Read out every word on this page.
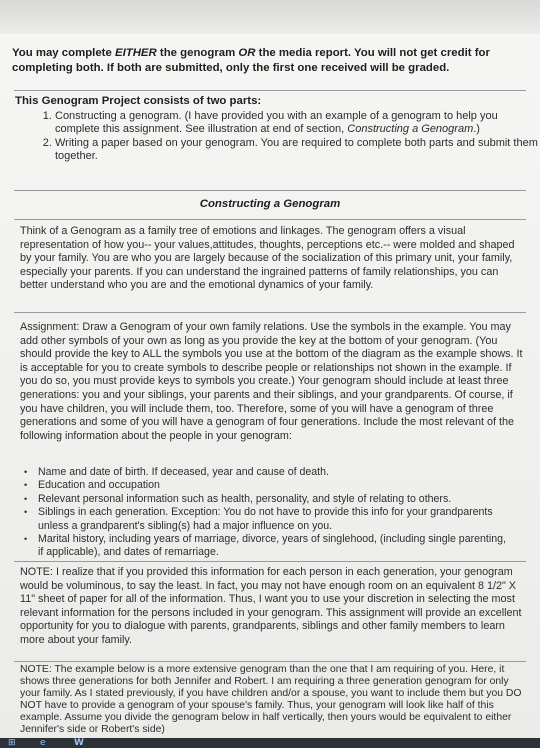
You may complete EITHER the genogram OR the media report. You will not get credit for completing both. If both are submitted, only the first one received will be graded.

This Genogram Project consists of two parts:

1. Constructing a genogram. (I have provided you with an example of a genogram to help you complete this assignment. See illustration at end of section, Constructing a Genogram.)
2. Writing a paper based on your genogram. You are required to complete both parts and submit them together.

Constructing a Genogram

Think of a Genogram as a family tree of emotions and linkages. The genogram offers a visual representation of how you-- your values,attitudes, thoughts, perceptions etc.-- were molded and shaped by your family. You are who you are largely because of the socialization of this primary unit, your family, especially your parents. If you can understand the ingrained patterns of family relationships, you can better understand who you are and the emotional dynamics of your family.

Assignment: Draw a Genogram of your own family relations. Use the symbols in the example. You may add other symbols of your own as long as you provide the key at the bottom of your genogram. (You should provide the key to ALL the symbols you use at the bottom of the diagram as the example shows. It is acceptable for you to create symbols to describe people or relationships not shown in the example. If you do so, you must provide keys to symbols you create.) Your genogram should include at least three generations: you and your siblings, your parents and their siblings, and your grandparents. Of course, if you have children, you will include them, too. Therefore, some of you will have a genogram of three generations and some of you will have a genogram of four generations. Include the most relevant of the following information about the people in your genogram:

• Name and date of birth. If deceased, year and cause of death.
• Education and occupation
• Relevant personal information such as health, personality, and style of relating to others.
• Siblings in each generation. Exception: You do not have to provide this info for your grandparents unless a grandparent's sibling(s) had a major influence on you.
• Marital history, including years of marriage, divorce, years of singlehood, (including single parenting, if applicable), and dates of remarriage.

NOTE: I realize that if you provided this information for each person in each generation, your genogram would be voluminous, to say the least. In fact, you may not have enough room on an equivalent 8 1/2" X 11" sheet of paper for all of the information. Thus, I want you to use your discretion in selecting the most relevant information for the persons included in your genogram. This assignment will provide an excellent opportunity for you to dialogue with parents, grandparents, siblings and other family members to learn more about your family.

NOTE: The example below is a more extensive genogram than the one that I am requiring of you. Here, it shows three generations for both Jennifer and Robert. I am requiring a three generation genogram for only your family. As I stated previously, if you have children and/or a spouse, you want to include them but you DO NOT have to provide a genogram of your spouse's family. Thus, your genogram will look like half of this example. Assume you divide the genogram below in half vertically, then yours would be equivalent to either Jennifer's side or Robert's side)

⊞	e	W
